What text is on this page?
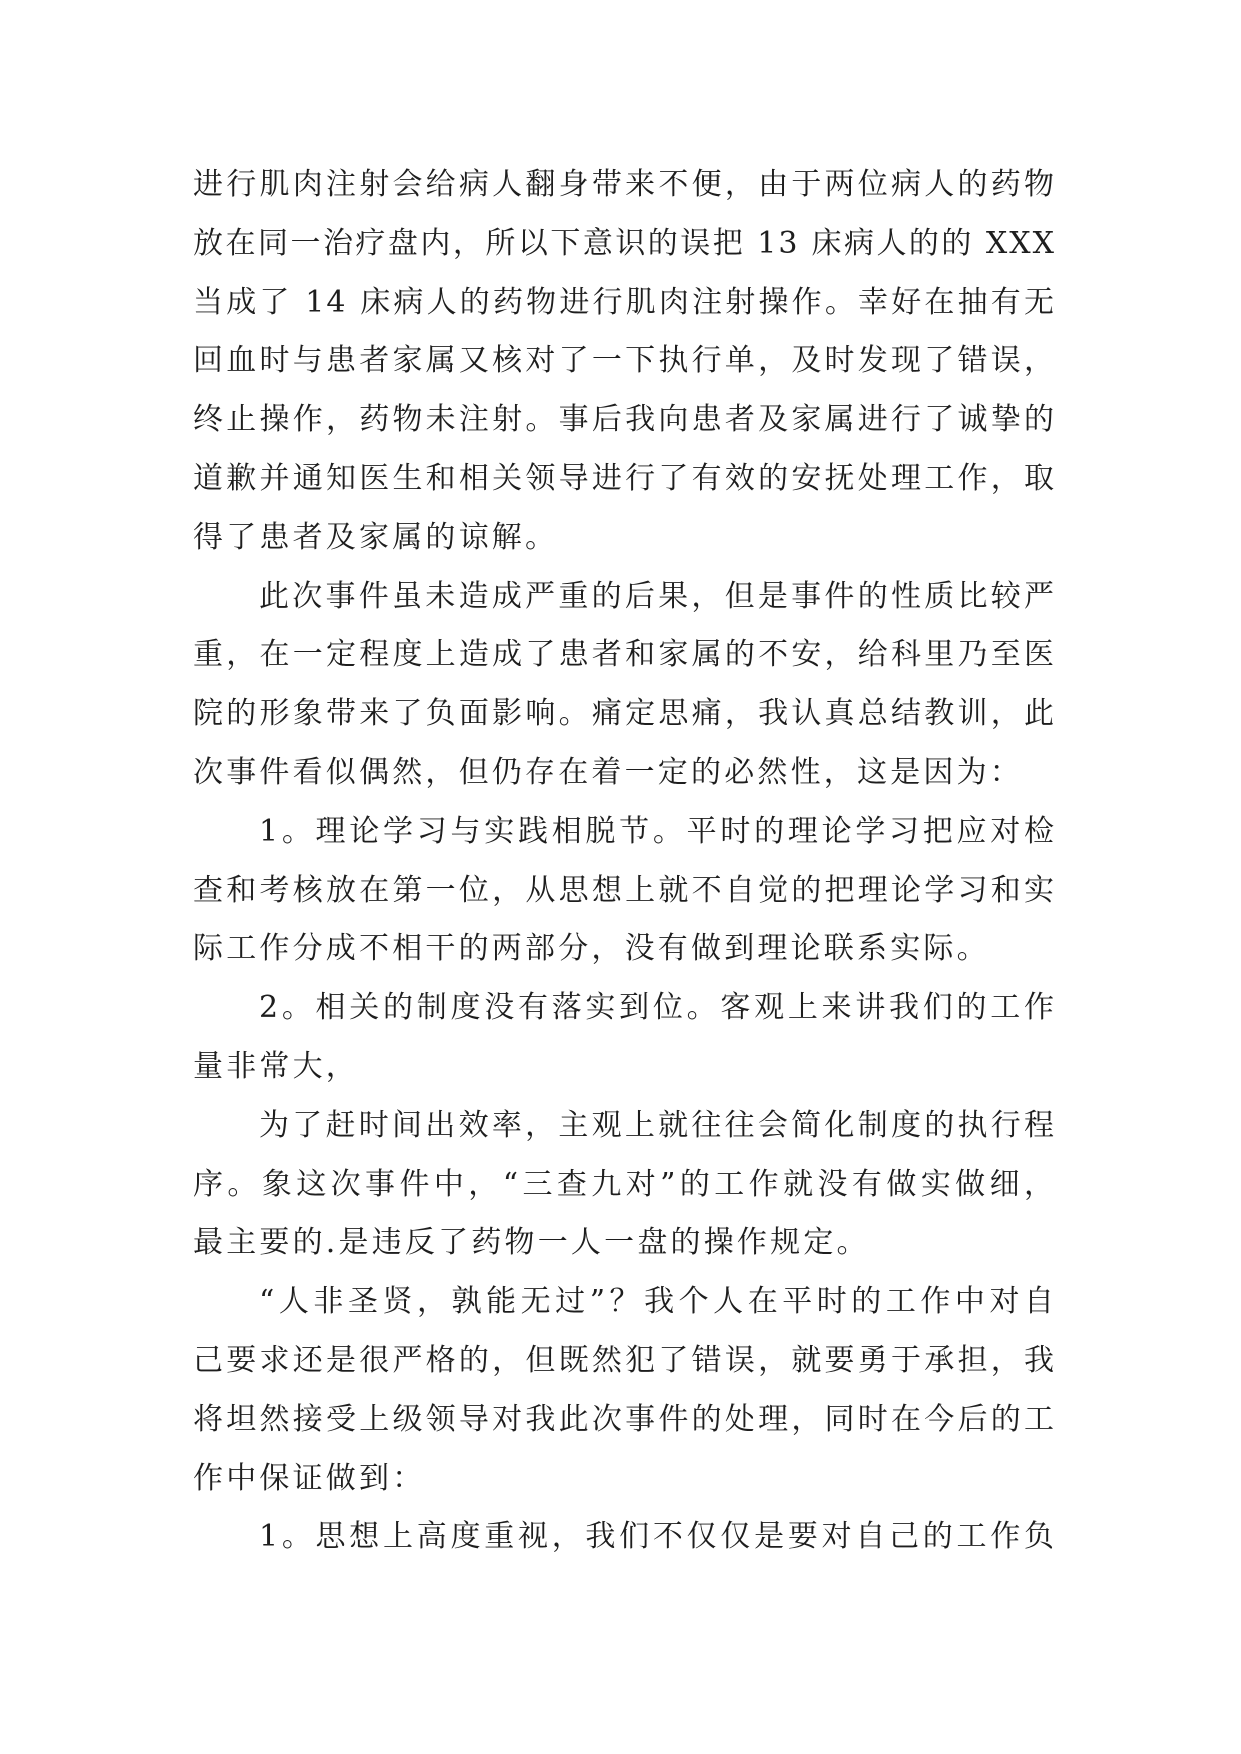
进行肌肉注射会给病人翻身带来不便，由于两位病人的药物
放在同一治疗盘内，所以下意识的误把 13 床病人的的 XXX
当成了 14 床病人的药物进行肌肉注射操作。幸好在抽有无
回血时与患者家属又核对了一下执行单，及时发现了错误，
终止操作，药物未注射。事后我向患者及家属进行了诚挚的
道歉并通知医生和相关领导进行了有效的安抚处理工作，取
得了患者及家属的谅解。
此次事件虽未造成严重的后果，但是事件的性质比较严
重，在一定程度上造成了患者和家属的不安，给科里乃至医
院的形象带来了负面影响。痛定思痛，我认真总结教训，此
次事件看似偶然，但仍存在着一定的必然性，这是因为：
1。理论学习与实践相脱节。平时的理论学习把应对检
查和考核放在第一位，从思想上就不自觉的把理论学习和实
际工作分成不相干的两部分，没有做到理论联系实际。
2。相关的制度没有落实到位。客观上来讲我们的工作
量非常大，
为了赶时间出效率，主观上就往往会简化制度的执行程
序。象这次事件中，“三查九对”的工作就没有做实做细，
最主要的.是违反了药物一人一盘的操作规定。
“人非圣贤，孰能无过”？我个人在平时的工作中对自
己要求还是很严格的，但既然犯了错误，就要勇于承担，我
将坦然接受上级领导对我此次事件的处理，同时在今后的工
作中保证做到：
1。思想上高度重视，我们不仅仅是要对自己的工作负
